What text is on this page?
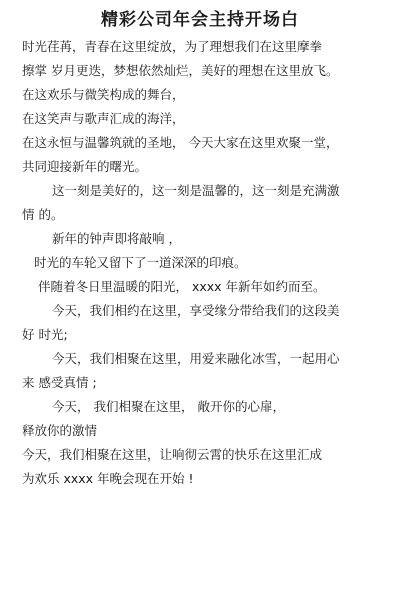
精彩公司年会主持开场白
时光荏苒，青春在这里绽放，为了理想我们在这里摩拳
擦掌 岁月更迭，梦想依然灿烂，美好的理想在这里放飞。
在这欢乐与微笑构成的舞台，
在这笑声与歌声汇成的海洋，
在这永恒与温馨筑就的圣地， 今天大家在这里欢聚一堂，
共同迎接新年的曙光。
这一刻是美好的，这一刻是温馨的，这一刻是充满激
情 的。
新年的钟声即将敲响 ，
时光的车轮又留下了一道深深的印痕。
伴随着冬日里温暖的阳光， xxxx 年新年如约而至。
今天，我们相约在这里，享受缘分带给我们的这段美
好 时光;
今天，我们相聚在这里，用爱来融化冰雪，一起用心
来 感受真情 ;
今天， 我们相聚在这里， 敞开你的心扉，
释放你的激情
今天，我们相聚在这里，让响彻云霄的快乐在这里汇成
为欢乐 xxxx 年晚会现在开始 !
